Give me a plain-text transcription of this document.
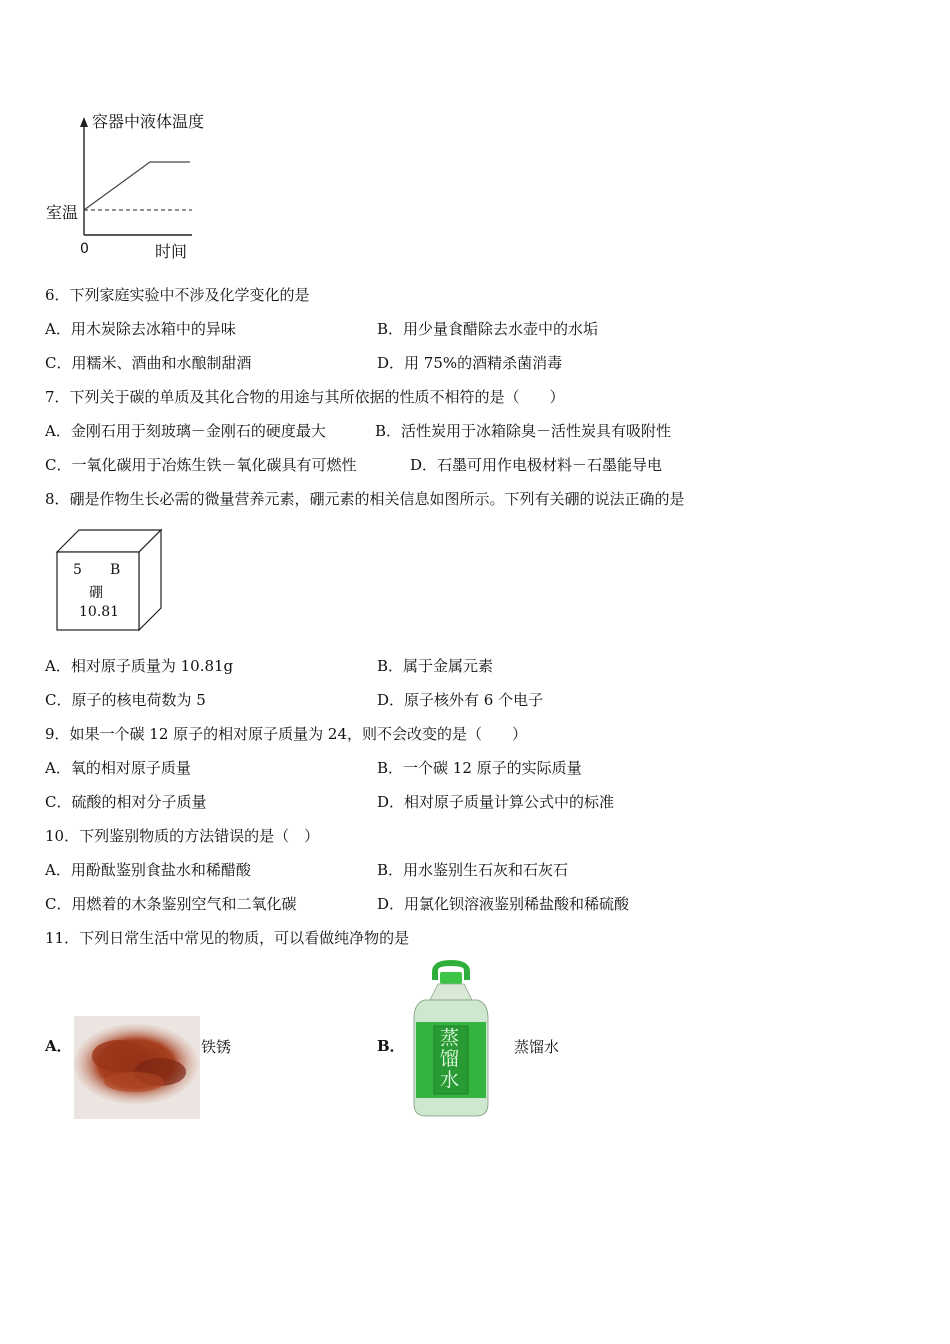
容器中液体温度
室温
0	时间
6．下列家庭实验中不涉及化学变化的是
A．用木炭除去冰箱中的异味	B．用少量食醋除去水壶中的水垢
C．用糯米、酒曲和水酿制甜酒	D．用 75%的酒精杀菌消毒
7．下列关于碳的单质及其化合物的用途与其所依据的性质不相符的是（　　）
A．金刚石用于刻玻璃－金刚石的硬度最大	B．活性炭用于冰箱除臭－活性炭具有吸附性
C．一氧化碳用于冶炼生铁－氧化碳具有可燃性	D．石墨可用作电极材料－石墨能导电
8．硼是作物生长必需的微量营养元素，硼元素的相关信息如图所示。下列有关硼的说法正确的是
5 B
硼
10.81
A．相对原子质量为 10.81g	B．属于金属元素
C．原子的核电荷数为 5	D．原子核外有 6 个电子
9．如果一个碳 12 原子的相对原子质量为 24，则不会改变的是（　　）
A．氧的相对原子质量	B．一个碳 12 原子的实际质量
C．硫酸的相对分子质量	D．相对原子质量计算公式中的标准
10．下列鉴别物质的方法错误的是（　）
A．用酚酞鉴别食盐水和稀醋酸	B．用水鉴别生石灰和石灰石
C．用燃着的木条鉴别空气和二氧化碳	D．用氯化钡溶液鉴别稀盐酸和稀硫酸
11．下列日常生活中常见的物质，可以看做纯净物的是
A．	铁锈	B． 蒸馏水
蒸馏水
